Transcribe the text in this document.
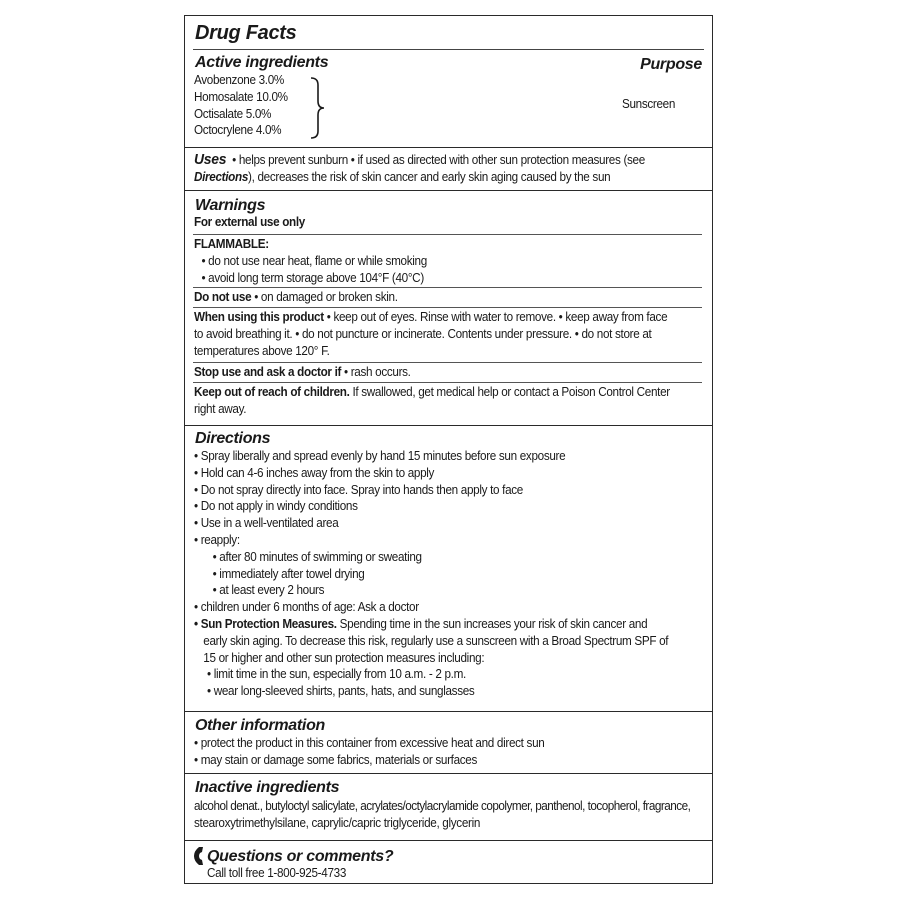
Drug Facts
Active ingredients	Purpose
Avobenzone 3.0%
Homosalate 10.0%
Octisalate 5.0%
Octocrylene 4.0%
Sunscreen
Uses • helps prevent sunburn • if used as directed with other sun protection measures (see
Directions), decreases the risk of skin cancer and early skin aging caused by the sun
Warnings
For external use only
FLAMMABLE:
• do not use near heat, flame or while smoking
• avoid long term storage above 104°F (40°C)
Do not use • on damaged or broken skin.
When using this product • keep out of eyes. Rinse with water to remove. • keep away from face
to avoid breathing it. • do not puncture or incinerate. Contents under pressure. • do not store at
temperatures above 120° F.
Stop use and ask a doctor if • rash occurs.
Keep out of reach of children. If swallowed, get medical help or contact a Poison Control Center
right away.
Directions
• Spray liberally and spread evenly by hand 15 minutes before sun exposure
• Hold can 4-6 inches away from the skin to apply
• Do not spray directly into face. Spray into hands then apply to face
• Do not apply in windy conditions
• Use in a well-ventilated area
• reapply:
• after 80 minutes of swimming or sweating
• immediately after towel drying
• at least every 2 hours
• children under 6 months of age: Ask a doctor
• Sun Protection Measures. Spending time in the sun increases your risk of skin cancer and
early skin aging. To decrease this risk, regularly use a sunscreen with a Broad Spectrum SPF of
15 or higher and other sun protection measures including:
• limit time in the sun, especially from 10 a.m. - 2 p.m.
• wear long-sleeved shirts, pants, hats, and sunglasses
Other information
• protect the product in this container from excessive heat and direct sun
• may stain or damage some fabrics, materials or surfaces
Inactive ingredients
alcohol denat., butyloctyl salicylate, acrylates/octylacrylamide copolymer, panthenol, tocopherol, fragrance,
stearoxytrimethylsilane, caprylic/capric triglyceride, glycerin
Questions or comments?
Call toll free 1-800-925-4733
